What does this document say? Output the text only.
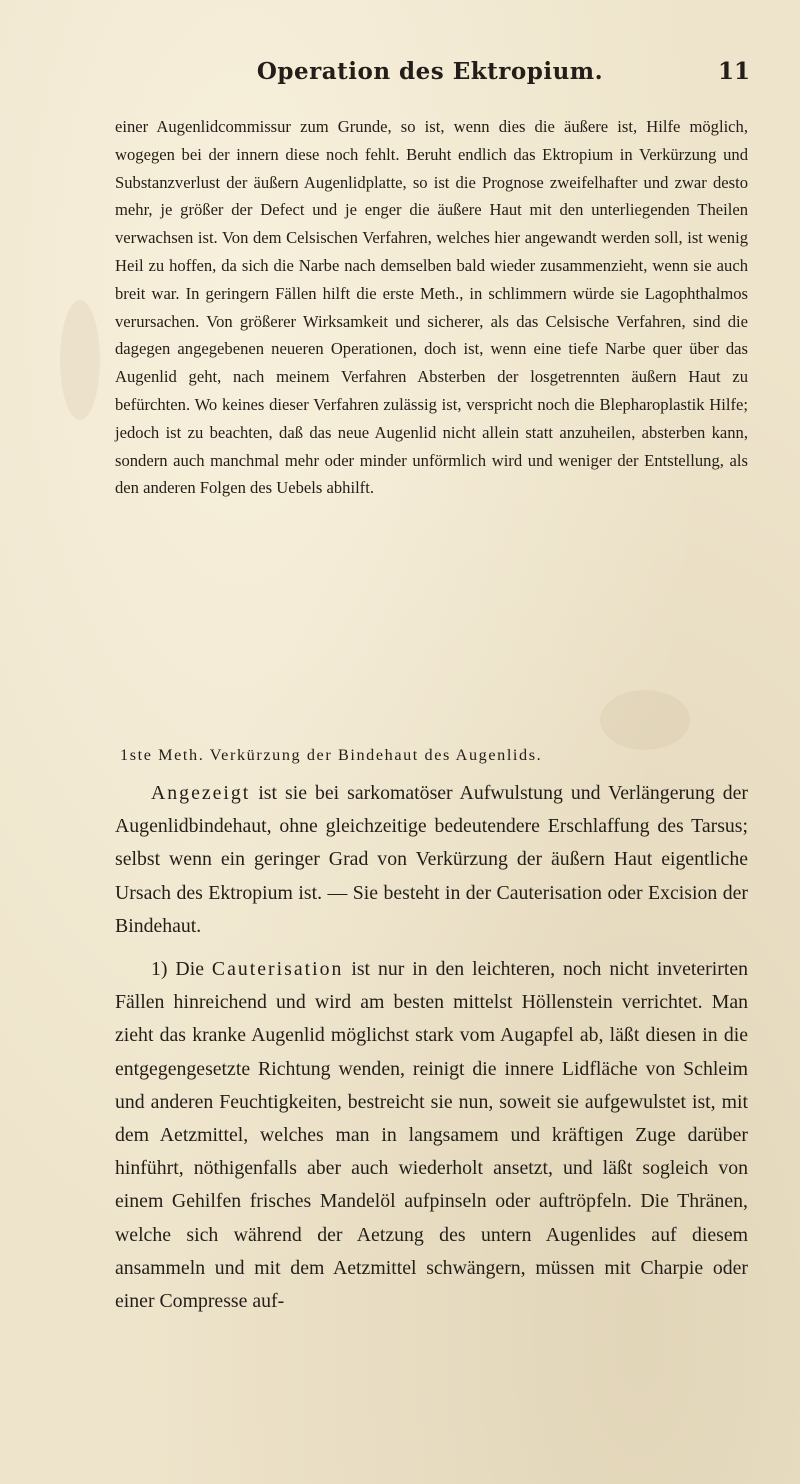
Operation des Ektropium.	11
einer Augenlidcommissur zum Grunde, so ist, wenn dies die äußere ist, Hilfe möglich, wogegen bei der innern diese noch fehlt. Beruht endlich das Ektropium in Verkürzung und Substanzverlust der äußern Augenlidplatte, so ist die Prognose zweifelhafter und zwar desto mehr, je größer der Defect und je enger die äußere Haut mit den unterliegenden Theilen verwachsen ist. Von dem Celsischen Verfahren, welches hier angewandt werden soll, ist wenig Heil zu hoffen, da sich die Narbe nach demselben bald wieder zusammenzieht, wenn sie auch breit war. In geringern Fällen hilft die erste Meth., in schlimmern würde sie Lagophthalmos verursachen. Von größerer Wirksamkeit und sicherer, als das Celsische Verfahren, sind die dagegen angegebenen neueren Operationen, doch ist, wenn eine tiefe Narbe quer über das Augenlid geht, nach meinem Verfahren Absterben der losgetrennten äußern Haut zu befürchten. Wo keines dieser Verfahren zulässig ist, verspricht noch die Blepharoplastik Hilfe; jedoch ist zu beachten, daß das neue Augenlid nicht allein statt anzuheilen, absterben kann, sondern auch manchmal mehr oder minder unförmlich wird und weniger der Entstellung, als den anderen Folgen des Uebels abhilft.
1ste Meth. Verkürzung der Bindehaut des Augenlids.

Angezeigt ist sie bei sarkomatöser Aufwulstung und Verlängerung der Augenlidbindehaut, ohne gleichzeitige bedeutendere Erschlaffung des Tarsus; selbst wenn ein geringer Grad von Verkürzung der äußern Haut eigentliche Ursach des Ektropium ist. — Sie besteht in der Cauterisation oder Excision der Bindehaut.

1) Die Cauterisation ist nur in den leichteren, noch nicht inveterirten Fällen hinreichend und wird am besten mittelst Höllenstein verrichtet. Man zieht das kranke Augenlid möglichst stark vom Augapfel ab, läßt diesen in die entgegengesetzte Richtung wenden, reinigt die innere Lidfläche von Schleim und anderen Feuchtigkeiten, bestreicht sie nun, soweit sie aufgewulstet ist, mit dem Aetzmittel, welches man in langsamem und kräftigen Zuge darüber hinführt, nöthigenfalls aber auch wiederholt ansetzt, und läßt sogleich von einem Gehilfen frisches Mandelöl aufpinseln oder auftröpfeln. Die Thränen, welche sich während der Aetzung des untern Augenlides auf diesem ansammeln und mit dem Aetzmittel schwängern, müssen mit Charpie oder einer Compresse auf-
